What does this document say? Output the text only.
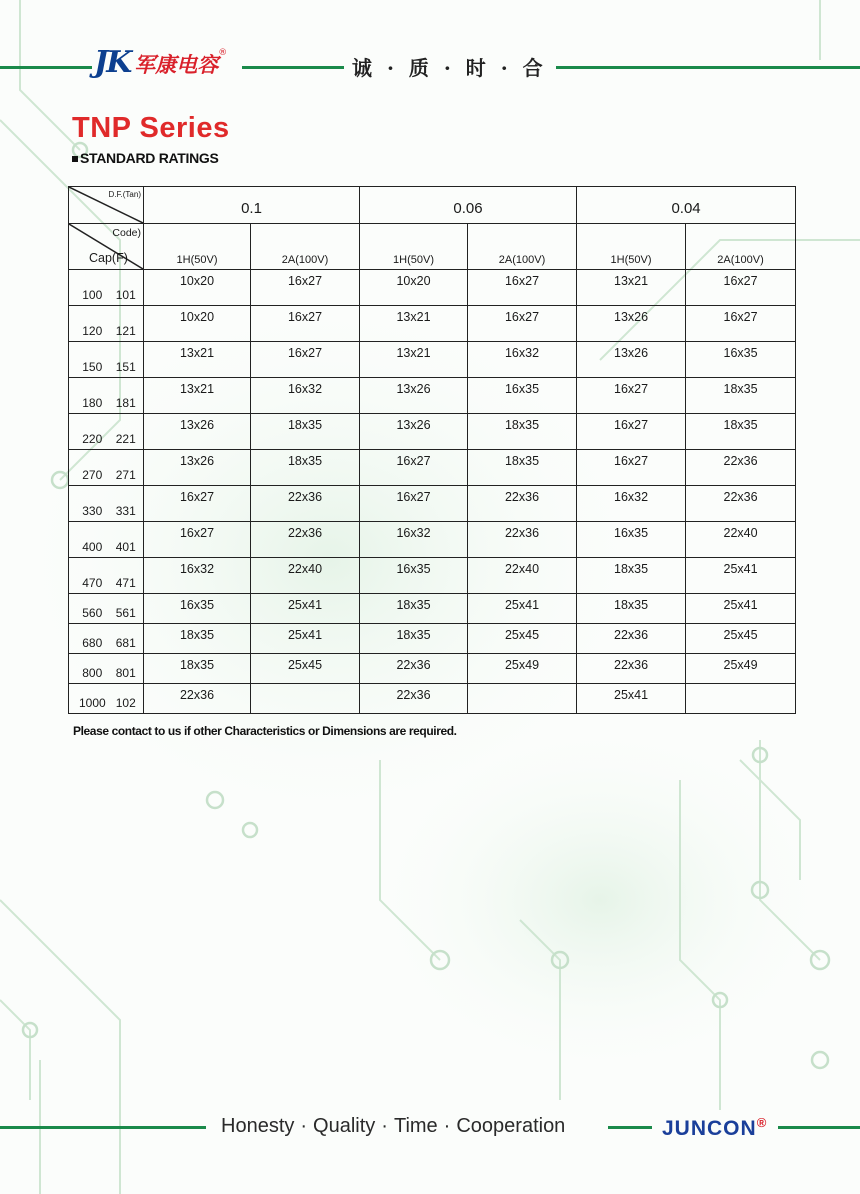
JK 军康电容 ®
诚 · 质 · 时 · 合
TNP Series
STANDARD RATINGS
D.F.(Tan)		0.1		0.06		0.04	

Code)
Cap(F)		1H(50V)	2A(100V)	1H(50V)	2A(100V)	1H(50V)	2A(100V)
100	101	10x20	16x27	10x20	16x27	13x21	16x27
120	121	10x20	16x27	13x21	16x27	13x26	16x27
150	151	13x21	16x27	13x21	16x32	13x26	16x35
180	181	13x21	16x32	13x26	16x35	16x27	18x35
220	221	13x26	18x35	13x26	18x35	16x27	18x35
270	271	13x26	18x35	16x27	18x35	16x27	22x36
330	331	16x27	22x36	16x27	22x36	16x32	22x36
400	401	16x27	22x36	16x32	22x36	16x35	22x40
470	471	16x32	22x40	16x35	22x40	18x35	25x41
560	561	16x35	25x41	18x35	25x41	18x35	25x41
680	681	18x35	25x41	18x35	25x45	22x36	25x45
800	801	18x35	25x45	22x36	25x49	22x36	25x49
1000	102	22x36		22x36		25x41	
Please contact to us if other Characteristics or Dimensions are required.
Honesty · Quality · Time · Cooperation	JUNCON®
